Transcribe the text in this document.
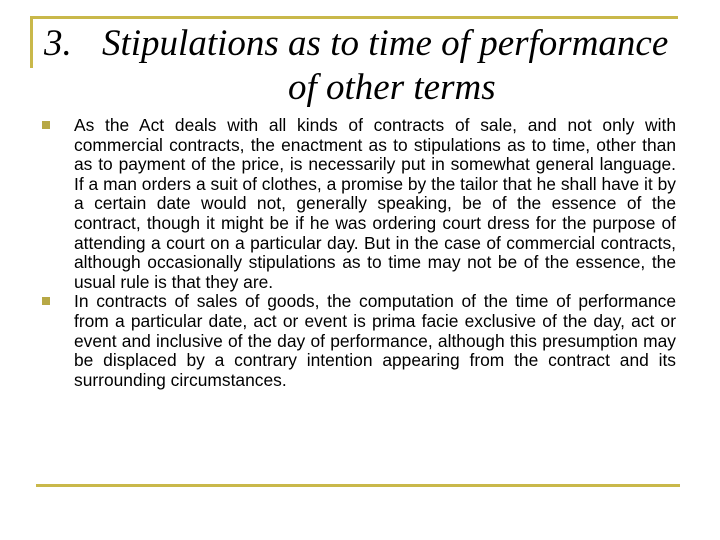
3. Stipulations as to time of performance
of other terms
As the Act deals with all kinds of contracts of sale, and not only with commercial contracts, the enactment as to stipulations as to time, other than as to payment of the price, is necessarily put in somewhat general language. If a man orders a suit of clothes, a promise by the tailor that he shall have it by a certain date would not, generally speaking, be of the essence of the contract, though it might be if he was ordering court dress for the purpose of attending a court on a particular day. But in the case of commercial contracts, although occasionally stipulations as to time may not be of the essence, the usual rule is that they are.
In contracts of sales of goods, the computation of the time of performance from a particular date, act or event is prima facie exclusive of the day, act or event and inclusive of the day of performance, although this presumption may be displaced by a contrary intention appearing from the contract and its surrounding circumstances.
